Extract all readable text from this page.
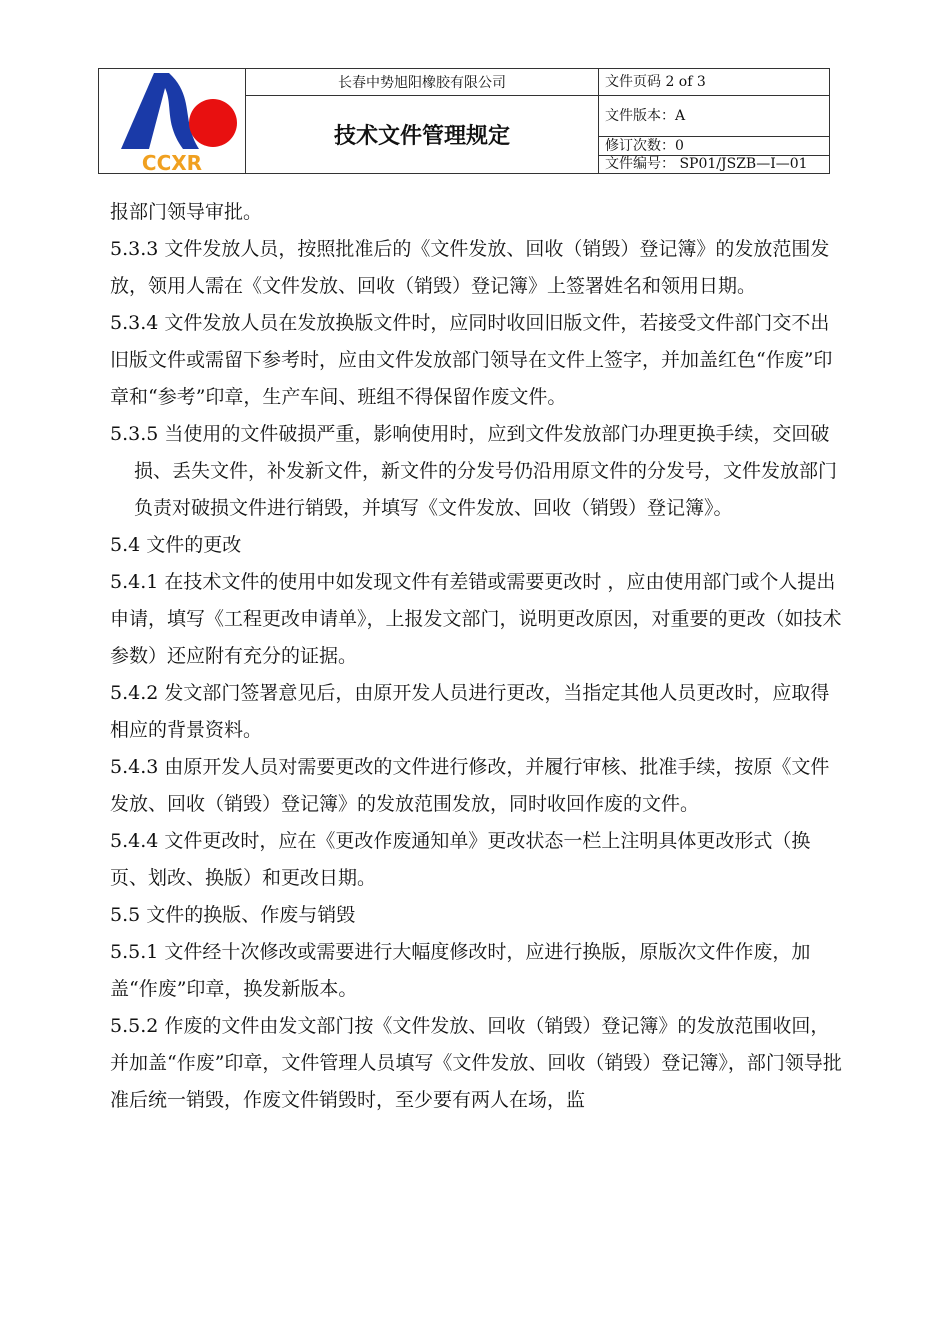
CCXR	长春中势旭阳橡胶有限公司	文件页码 2 of 3
	技术文件管理规定	文件版本：A
		修订次数：0
		文件编号： SP01/JSZB—I—01

报部门领导审批。

5.3.3 文件发放人员，按照批准后的《文件发放、回收（销毁）登记簿》的发放范围发放，领用人需在《文件发放、回收（销毁）登记簿》上签署姓名和领用日期。

5.3.4 文件发放人员在发放换版文件时，应同时收回旧版文件，若接受文件部门交不出旧版文件或需留下参考时，应由文件发放部门领导在文件上签字，并加盖红色“作废”印章和“参考”印章，生产车间、班组不得保留作废文件。

5.3.5 当使用的文件破损严重，影响使用时，应到文件发放部门办理更换手续，交回破损、丢失文件，补发新文件，新文件的分发号仍沿用原文件的分发号，文件发放部门负责对破损文件进行销毁，并填写《文件发放、回收（销毁）登记簿》。

5.4 文件的更改

5.4.1 在技术文件的使用中如发现文件有差错或需要更改时 ，应由使用部门或个人提出申请，填写《工程更改申请单》，上报发文部门，说明更改原因，对重要的更改（如技术参数）还应附有充分的证据。

5.4.2 发文部门签署意见后，由原开发人员进行更改，当指定其他人员更改时，应取得相应的背景资料。

5.4.3 由原开发人员对需要更改的文件进行修改，并履行审核、批准手续，按原《文件发放、回收（销毁）登记簿》的发放范围发放，同时收回作废的文件。

5.4.4 文件更改时，应在《更改作废通知单》更改状态一栏上注明具体更改形式（换页、划改、换版）和更改日期。

5.5 文件的换版、作废与销毁

5.5.1 文件经十次修改或需要进行大幅度修改时，应进行换版，原版次文件作废，加盖“作废”印章，换发新版本。

5.5.2 作废的文件由发文部门按《文件发放、回收（销毁）登记簿》的发放范围收回，并加盖“作废”印章，文件管理人员填写《文件发放、回收（销毁）登记簿》，部门领导批准后统一销毁，作废文件销毁时，至少要有两人在场，监
